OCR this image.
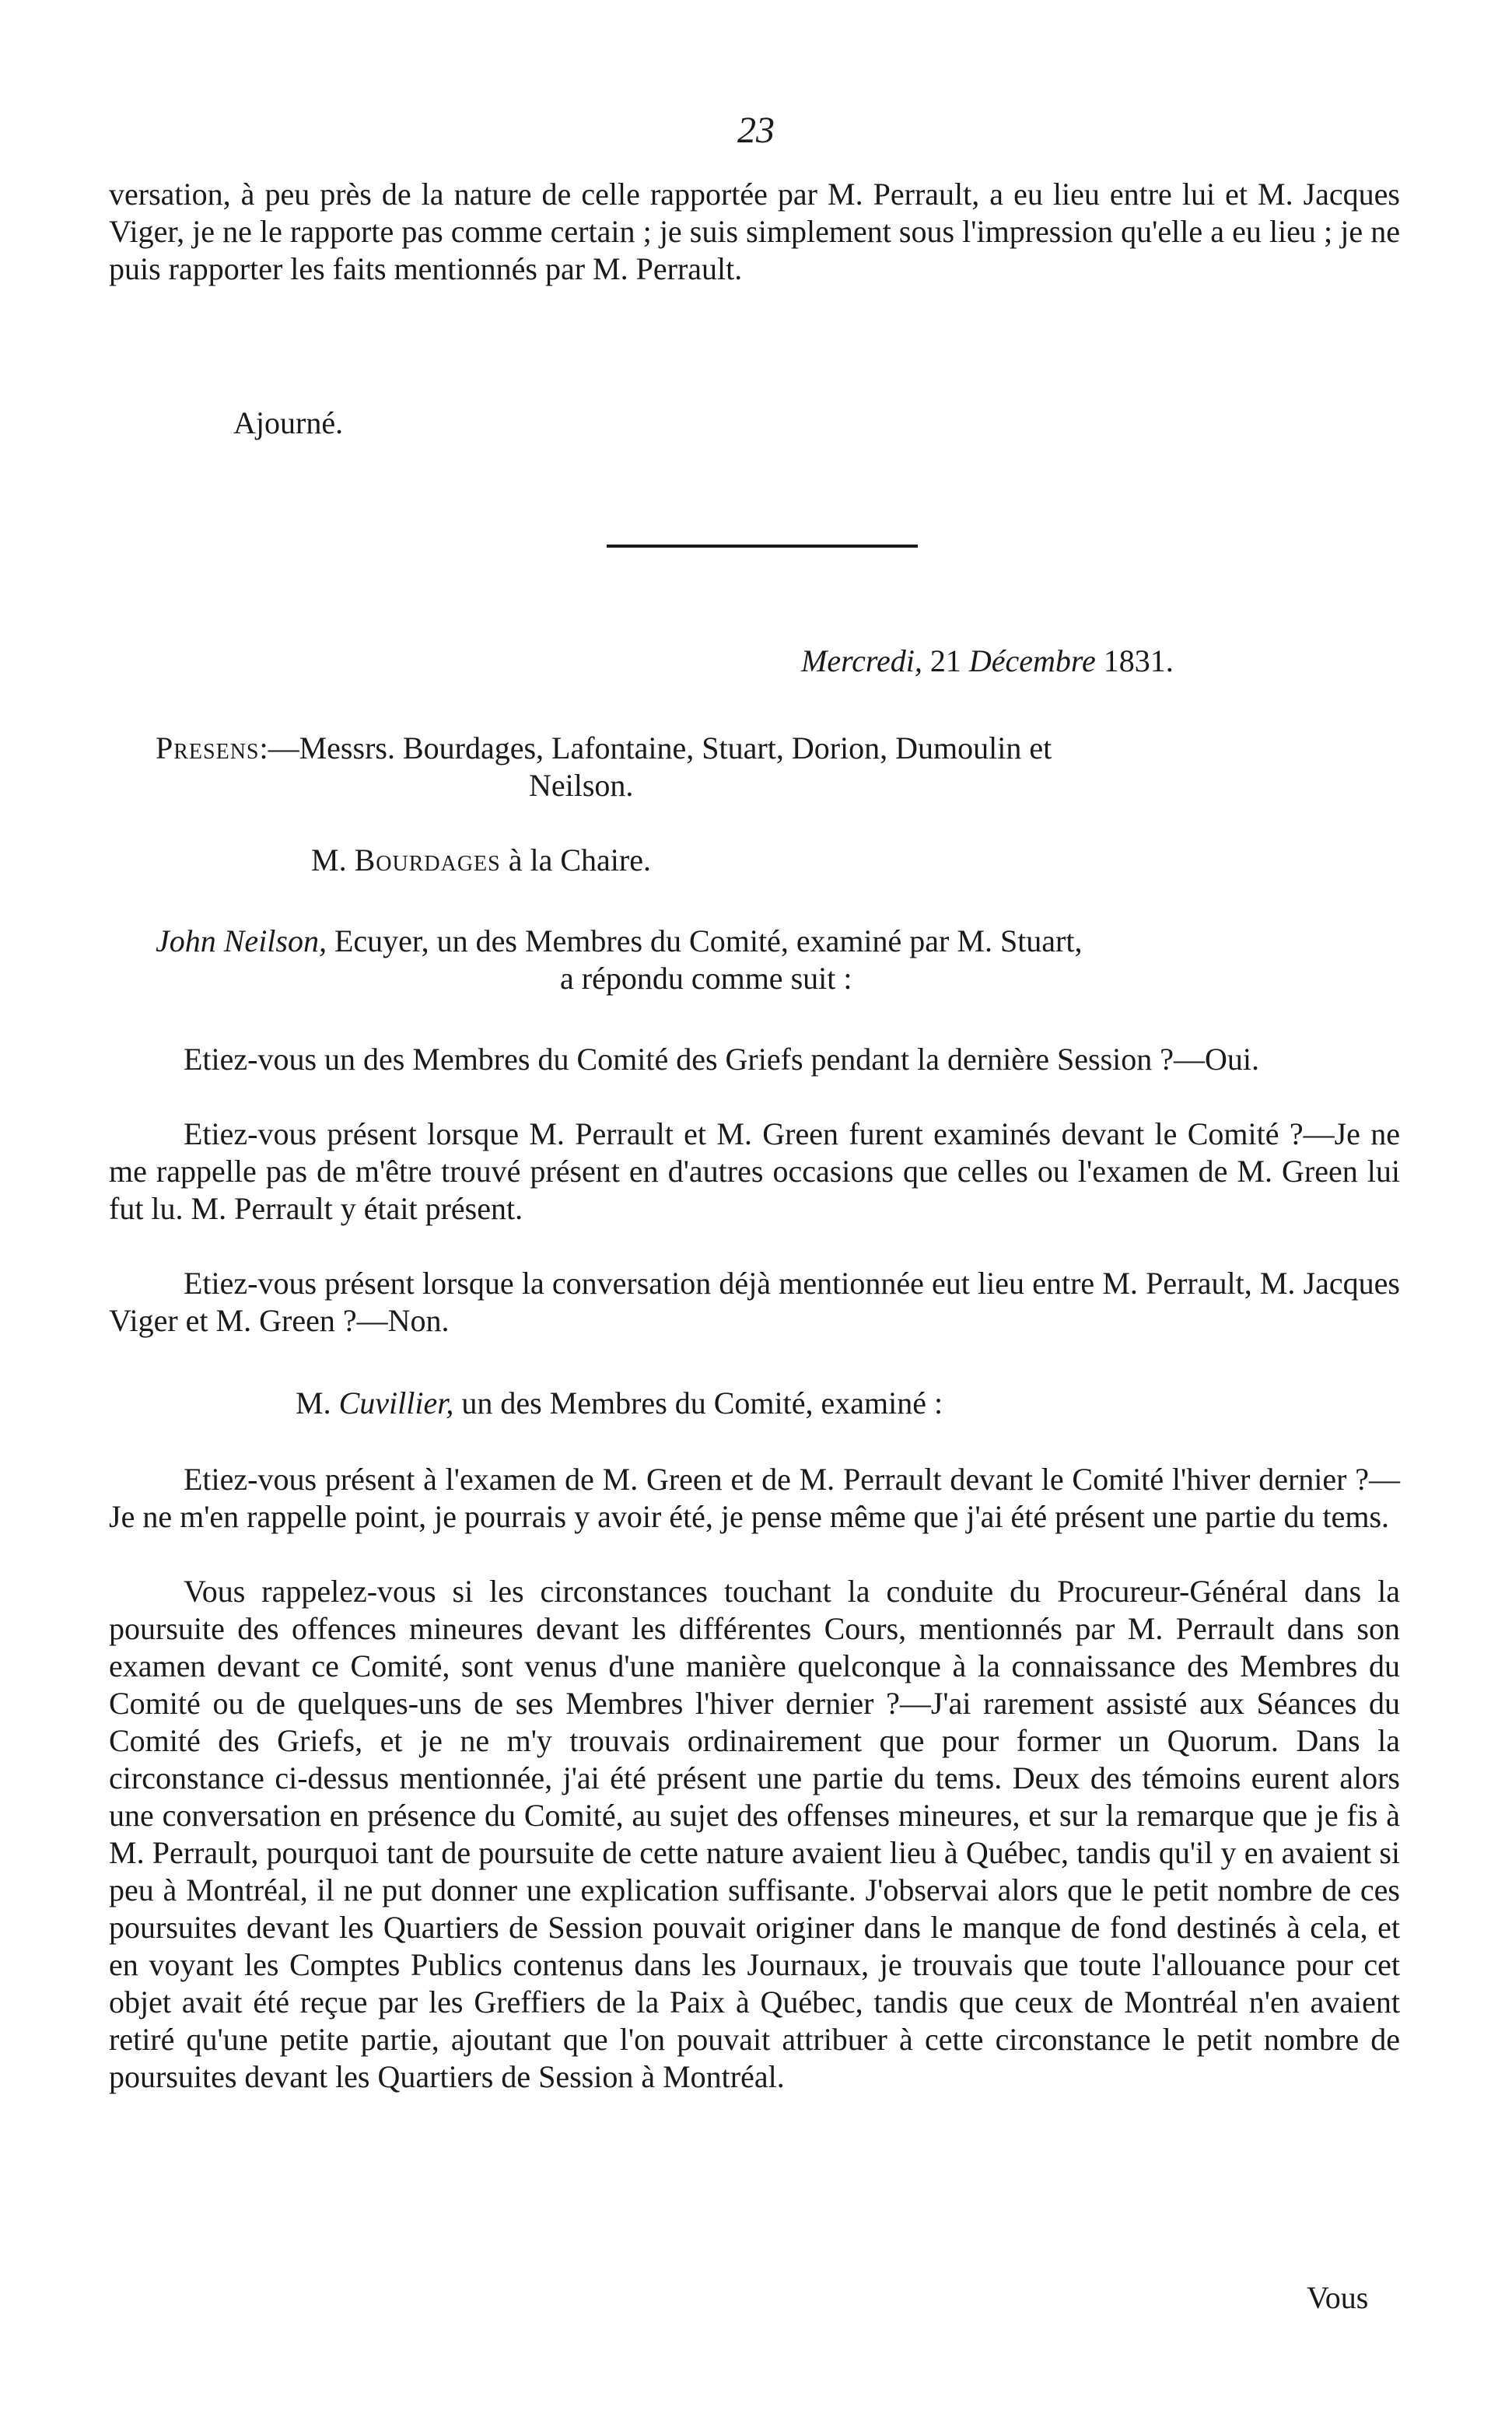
23
versation, à peu près de la nature de celle rapportée par M. Perrault, a eu lieu entre lui et M. Jacques Viger, je ne le rapporte pas comme certain ; je suis simplement sous l'impression qu'elle a eu lieu ; je ne puis rapporter les faits mentionnés par M. Perrault.
Ajourné.
Mercredi, 21 Décembre 1831.
Presens:—Messrs. Bourdages, Lafontaine, Stuart, Dorion, Dumoulin et
Neilson.
M. Bourdages à la Chaire.
John Neilson, Ecuyer, un des Membres du Comité, examiné par M. Stuart,
a répondu comme suit :
Etiez-vous un des Membres du Comité des Griefs pendant la dernière Session ?—Oui.
Etiez-vous présent lorsque M. Perrault et M. Green furent examinés devant le Comité ?—Je ne me rappelle pas de m'être trouvé présent en d'autres occasions que celles ou l'examen de M. Green lui fut lu. M. Perrault y était présent.
Etiez-vous présent lorsque la conversation déjà mentionnée eut lieu entre M. Perrault, M. Jacques Viger et M. Green ?—Non.
M. Cuvillier, un des Membres du Comité, examiné :
Etiez-vous présent à l'examen de M. Green et de M. Perrault devant le Comité l'hiver dernier ?—Je ne m'en rappelle point, je pourrais y avoir été, je pense même que j'ai été présent une partie du tems.
Vous rappelez-vous si les circonstances touchant la conduite du Procureur-Général dans la poursuite des offences mineures devant les différentes Cours, mentionnés par M. Perrault dans son examen devant ce Comité, sont venus d'une manière quelconque à la connaissance des Membres du Comité ou de quelques-uns de ses Membres l'hiver dernier ?—J'ai rarement assisté aux Séances du Comité des Griefs, et je ne m'y trouvais ordinairement que pour former un Quorum. Dans la circonstance ci-dessus mentionnée, j'ai été présent une partie du tems. Deux des témoins eurent alors une conversation en présence du Comité, au sujet des offenses mineures, et sur la remarque que je fis à M. Perrault, pourquoi tant de poursuite de cette nature avaient lieu à Québec, tandis qu'il y en avaient si peu à Montréal, il ne put donner une explication suffisante. J'observai alors que le petit nombre de ces poursuites devant les Quartiers de Session pouvait originer dans le manque de fond destinés à cela, et en voyant les Comptes Publics contenus dans les Journaux, je trouvais que toute l'allouance pour cet objet avait été reçue par les Greffiers de la Paix à Québec, tandis que ceux de Montréal n'en avaient retiré qu'une petite partie, ajoutant que l'on pouvait attribuer à cette circonstance le petit nombre de poursuites devant les Quartiers de Session à Montréal.
Vous
